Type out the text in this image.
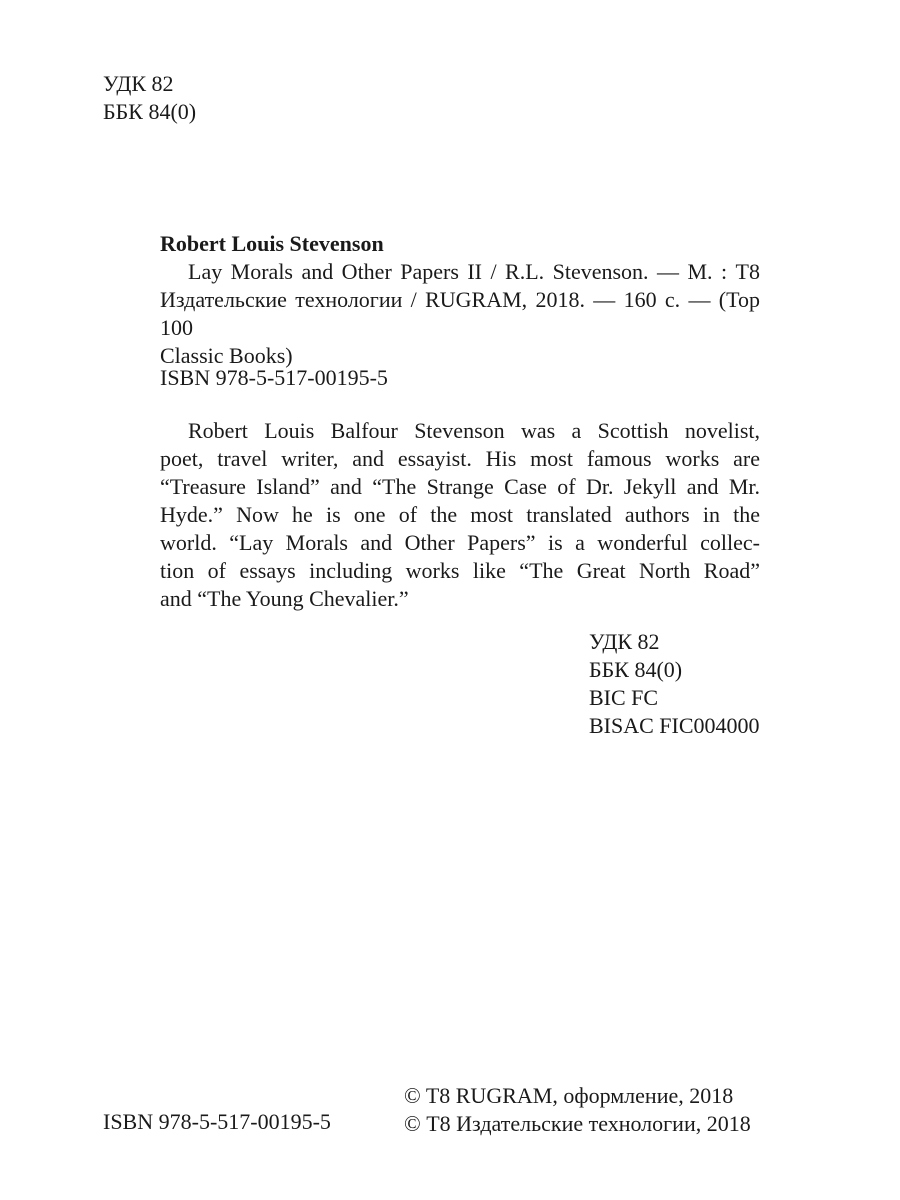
УДК 82
ББК 84(0)
Robert Louis Stevenson
Lay Morals and Other Papers II / R.L. Stevenson. — М. : Т8
Издательские технологии / RUGRAM, 2018. — 160 с. — (Top 100
Classic Books)
ISBN 978-5-517-00195-5
Robert Louis Balfour Stevenson was a Scottish novelist,
poet, travel writer, and essayist. His most famous works are
“Treasure Island” and “The Strange Case of Dr. Jekyll and Mr.
Hyde.” Now he is one of the most translated authors in the
world. “Lay Morals and Other Papers” is a wonderful collec-
tion of essays including works like “The Great North Road”
and “The Young Chevalier.”
УДК 82
ББК 84(0)
BIC FC
BISAC FIC004000
ISBN 978-5-517-00195-5
© T8 RUGRAM, оформление, 2018
© Т8 Издательские технологии, 2018
